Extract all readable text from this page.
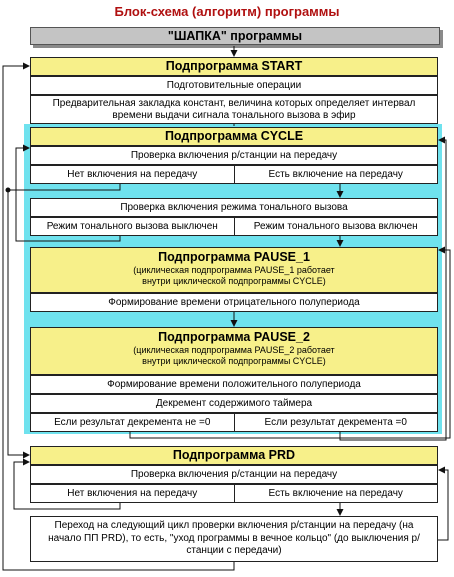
Блок-схема (алгоритм) программы
"ШАПКА" программы
Подпрограмма START
Подготовительные операции
Предварительная закладка констант, величина которых определяет интервал времени выдачи сигнала тонального вызова в эфир
Подпрограмма CYCLE
Проверка включения р/станции на передачу
Нет включения на передачу	Есть включение на передачу
Проверка включения режима тонального вызова
Режим тонального вызова выключен	Режим тонального вызова включен
Подпрограмма PAUSE_1
(циклическая подпрограмма PAUSE_1 работает внутри циклической подпрограммы CYCLE)
Формирование времени отрицательного полупериода
Подпрограмма PAUSE_2
(циклическая подпрограмма PAUSE_2 работает внутри циклической подпрограммы CYCLE)
Формирование времени положительного полупериода
Декремент содержимого таймера
Если результат декремента не =0	Если результат декремента =0
Подпрограмма PRD
Проверка включения р/станции на передачу
Нет включения на передачу	Есть включение на передачу
Переход на следующий цикл проверки включения р/станции на передачу (на начало ПП PRD), то есть, "уход программы в вечное кольцо" (до выключения р/станции с передачи)
